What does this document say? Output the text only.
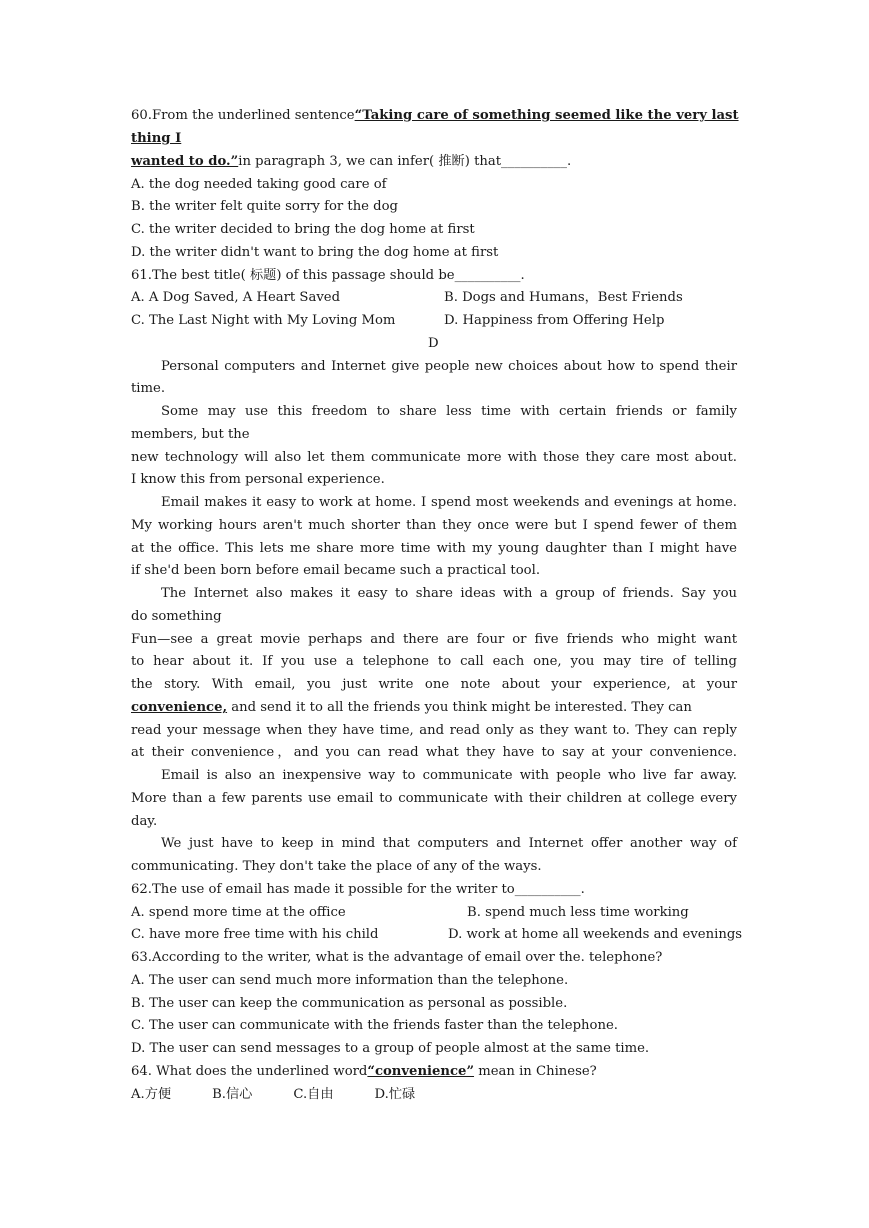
60.From the underlined sentence“Taking care of something seemed like the very last
thing I
wanted to do.”in paragraph 3, we can infer( 推断) that__________.
A. the dog needed taking good care of
B. the writer felt quite sorry for the dog
C. the writer decided to bring the dog home at first
D. the writer didn't want to bring the dog home at first
61.The best title( 标题) of this passage should be__________.
A. A Dog Saved, A Heart Saved	B. Dogs and Humans，Best Friends
C. The Last Night with My Loving Mom	D. Happiness from Offering Help
D
Personal computers and Internet give people new choices about how to spend their
time.
Some may use this freedom to share less time with certain friends or family
members, but the
new technology will also let them communicate more with those they care most about.
I know this from personal experience.
Email makes it easy to work at home. I spend most weekends and evenings at home.
My working hours aren't much shorter than they once were but I spend fewer of them
at the office. This lets me share more time with my young daughter than I might have
if she'd been born before email became such a practical tool.
The Internet also makes it easy to share ideas with a group of friends. Say you
do something
Fun—see a great movie perhaps and there are four or five friends who might want
to hear about it. If you use a telephone to call each one, you may tire of telling
the story. With email, you just write one note about your experience, at your
convenience, and send it to all the friends you think might be interested. They can
read your message when they have time, and read only as they want to. They can reply
at their convenience，and you can read what they have to say at your convenience.
Email is also an inexpensive way to communicate with people who live far away.
More than a few parents use email to communicate with their children at college every
day.
We just have to keep in mind that computers and Internet offer another way of
communicating. They don't take the place of any of the ways.
62.The use of email has made it possible for the writer to__________.
A. spend more time at the office	B. spend much less time working
C. have more free time with his child	D. work at home all weekends and evenings
63.According to the writer, what is the advantage of email over the. telephone?
A. The user can send much more information than the telephone.
B. The user can keep the communication as personal as possible.
C. The user can communicate with the friends faster than the telephone.
D. The user can send messages to a group of people almost at the same time.
64. What does the underlined word“convenience” mean in Chinese?
A.方便	B.信心	C.自由	D.忙碌
